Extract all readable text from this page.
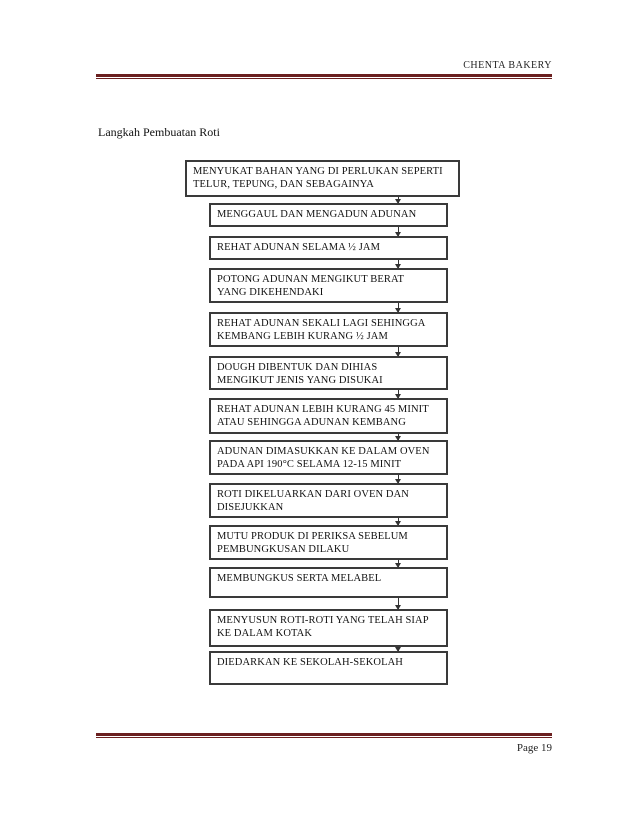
CHENTA BAKERY
Langkah Pembuatan Roti
MENYUKAT BAHAN YANG DI PERLUKAN SEPERTI
TELUR, TEPUNG, DAN SEBAGAINYA
MENGGAUL DAN MENGADUN ADUNAN
REHAT ADUNAN SELAMA ½ JAM
POTONG ADUNAN MENGIKUT BERAT
YANG DIKEHENDAKI
REHAT ADUNAN SEKALI LAGI SEHINGGA
KEMBANG LEBIH KURANG ½ JAM
DOUGH DIBENTUK DAN DIHIAS
MENGIKUT JENIS YANG DISUKAI
REHAT ADUNAN LEBIH KURANG 45 MINIT
ATAU SEHINGGA ADUNAN KEMBANG
ADUNAN DIMASUKKAN KE DALAM OVEN
PADA API 190°C SELAMA 12-15 MINIT
ROTI DIKELUARKAN DARI OVEN DAN
DISEJUKKAN
MUTU PRODUK DI PERIKSA SEBELUM
PEMBUNGKUSAN DILAKU
MEMBUNGKUS SERTA MELABEL
MENYUSUN ROTI-ROTI YANG TELAH SIAP
KE DALAM KOTAK
DIEDARKAN KE SEKOLAH-SEKOLAH
Page 19
